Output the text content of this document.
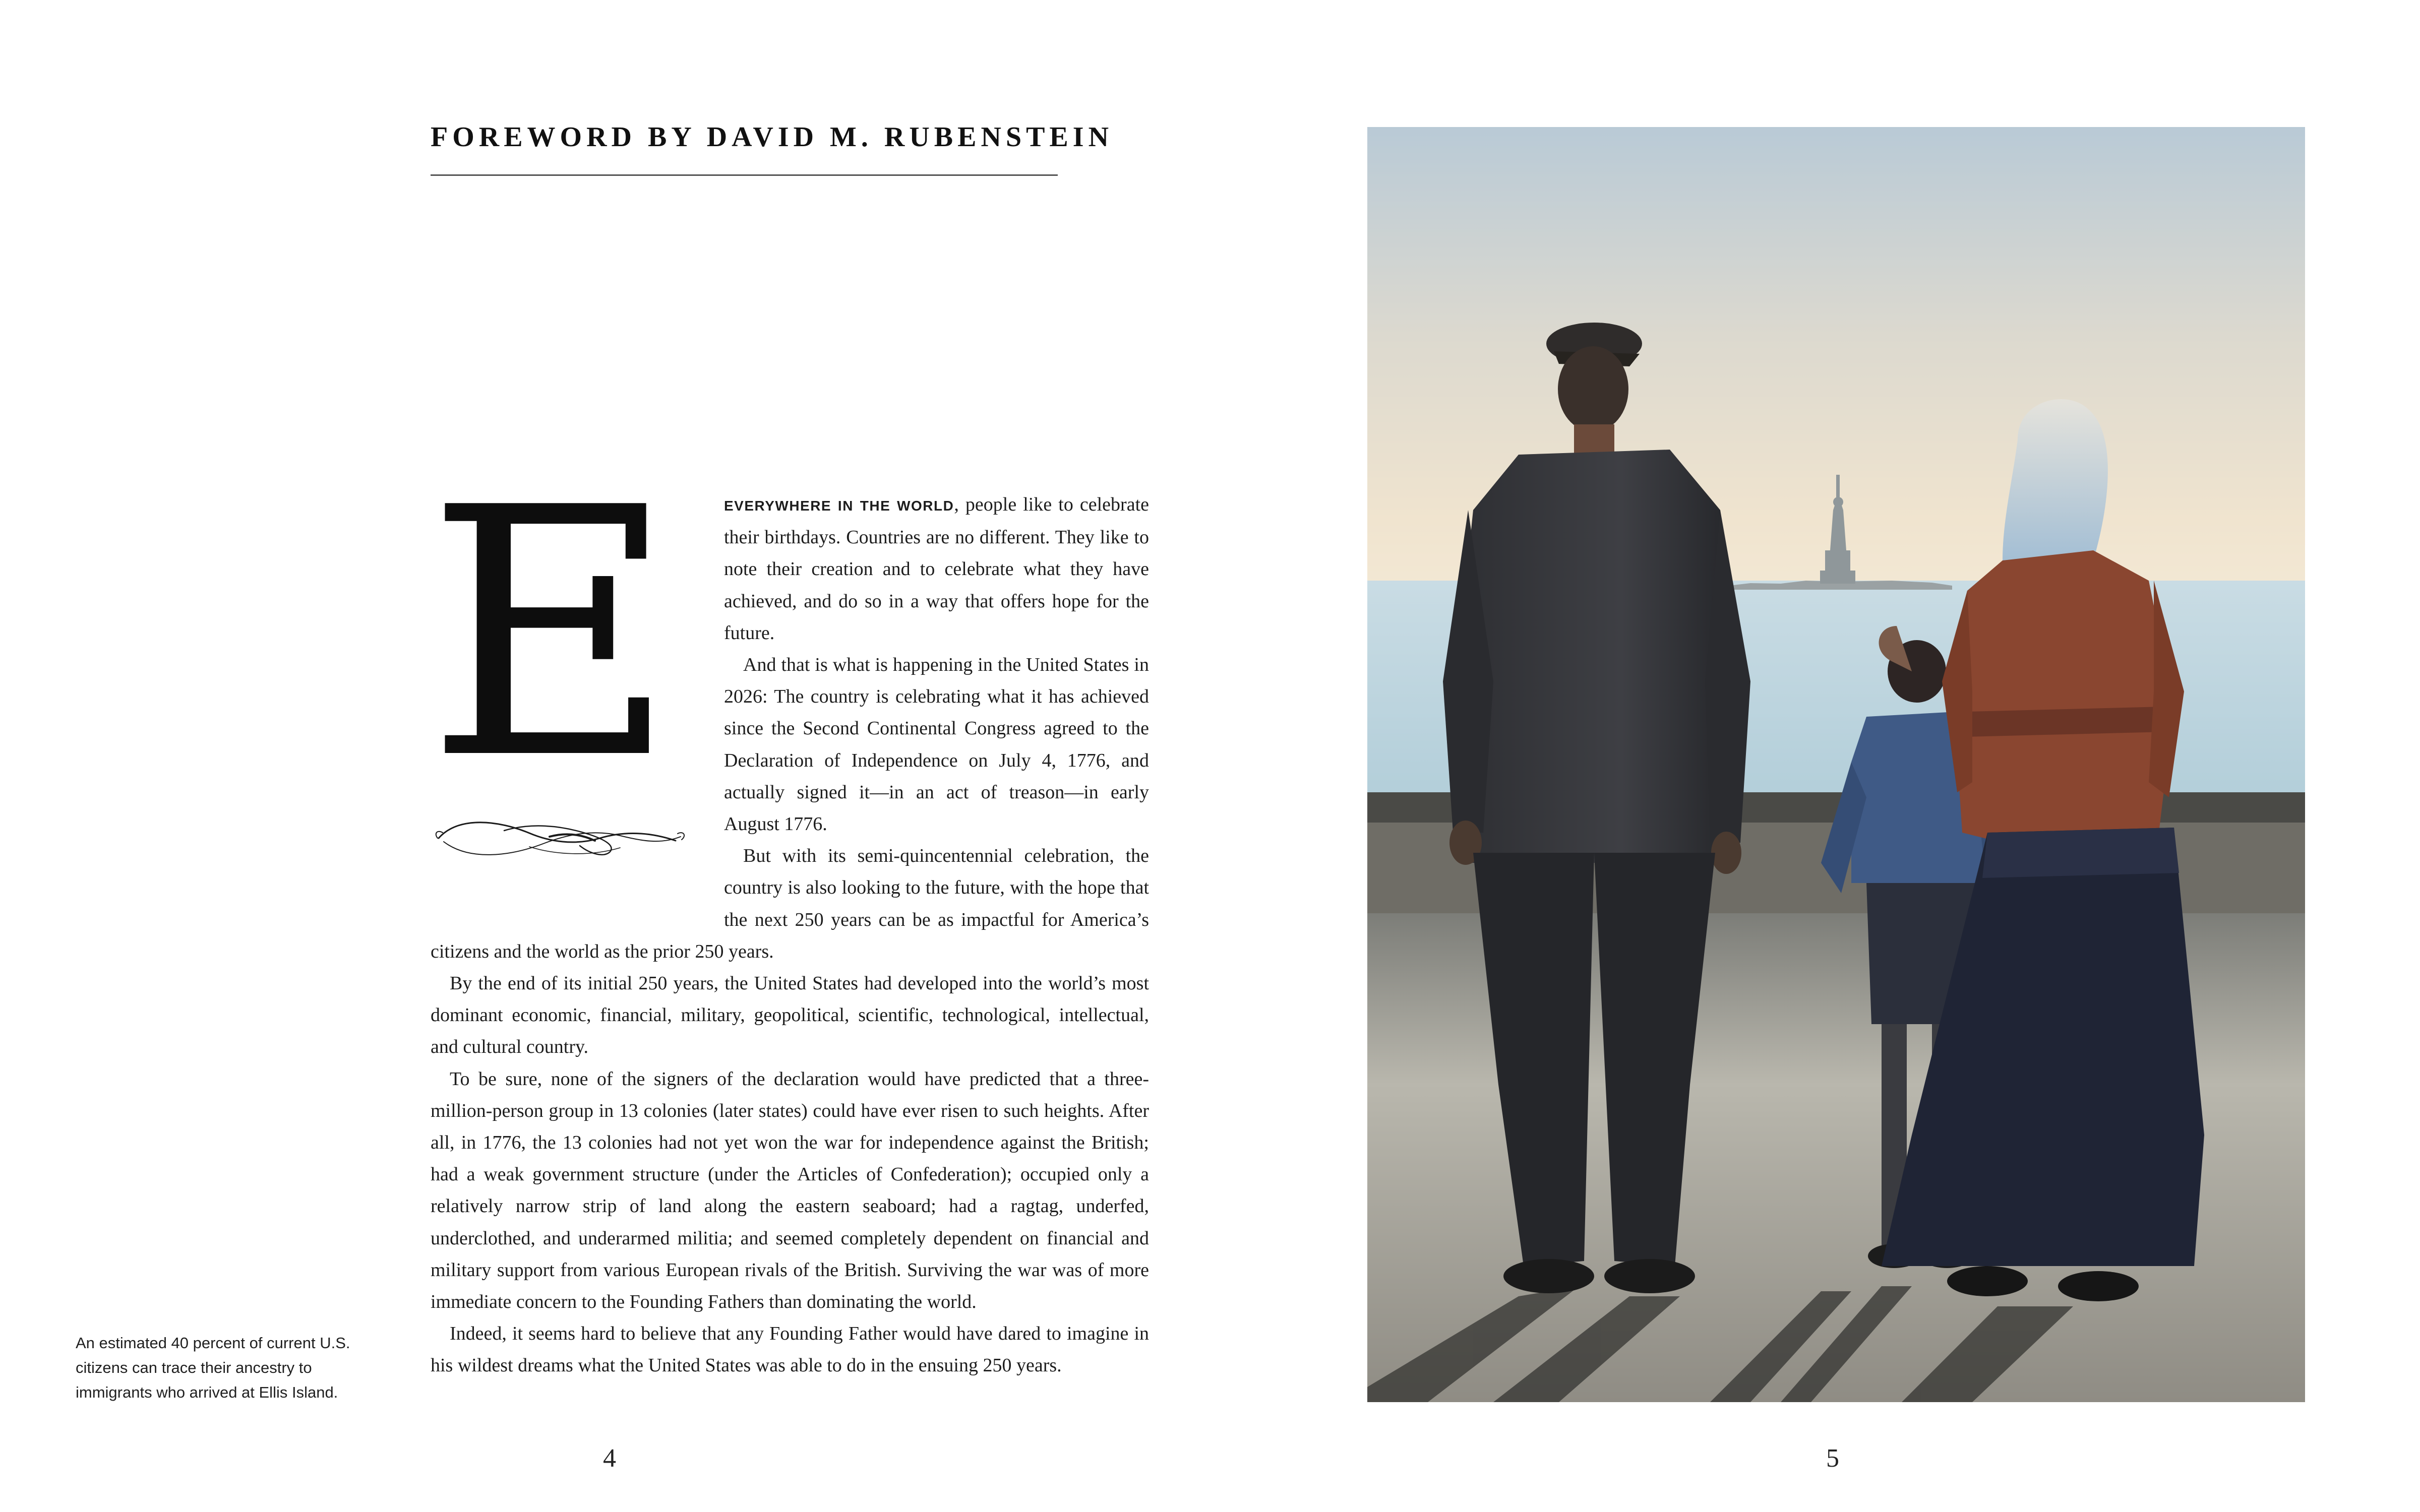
FOREWORD BY DAVID M. RUBENSTEIN
E	EVERYWHERE IN THE WORLD, people like to celebrate their birthdays. Countries are no different. They like to note their creation and to celebrate what they have achieved, and do so in a way that offers hope for the future.

And that is what is happening in the United States in 2026: The country is celebrating what it has achieved since the Second Continental Congress agreed to the Declaration of Independence on July 4, 1776, and actually signed it—in an act of treason—in early August 1776.

But with its semi-quincentennial celebration, the country is also looking to the future, with the hope that the next 250 years can be as impactful for America’s citizens and the world as the prior 250 years.

By the end of its initial 250 years, the United States had developed into the world’s most dominant economic, financial, military, geopolitical, scientific, technological, intellectual, and cultural country.

To be sure, none of the signers of the declaration would have predicted that a three-million-person group in 13 colonies (later states) could have ever risen to such heights. After all, in 1776, the 13 colonies had not yet won the war for independence against the British; had a weak government structure (under the Articles of Confederation); occupied only a relatively narrow strip of land along the eastern seaboard; had a ragtag, underfed, underclothed, and underarmed militia; and seemed completely dependent on financial and military support from various European rivals of the British. Surviving the war was of more immediate concern to the Founding Fathers than dominating the world.

Indeed, it seems hard to believe that any Founding Father would have dared to imagine in his wildest dreams what the United States was able to do in the ensuing 250 years.

An estimated 40 percent of current U.S. citizens can trace their ancestry to immigrants who arrived at Ellis Island.
4	5
